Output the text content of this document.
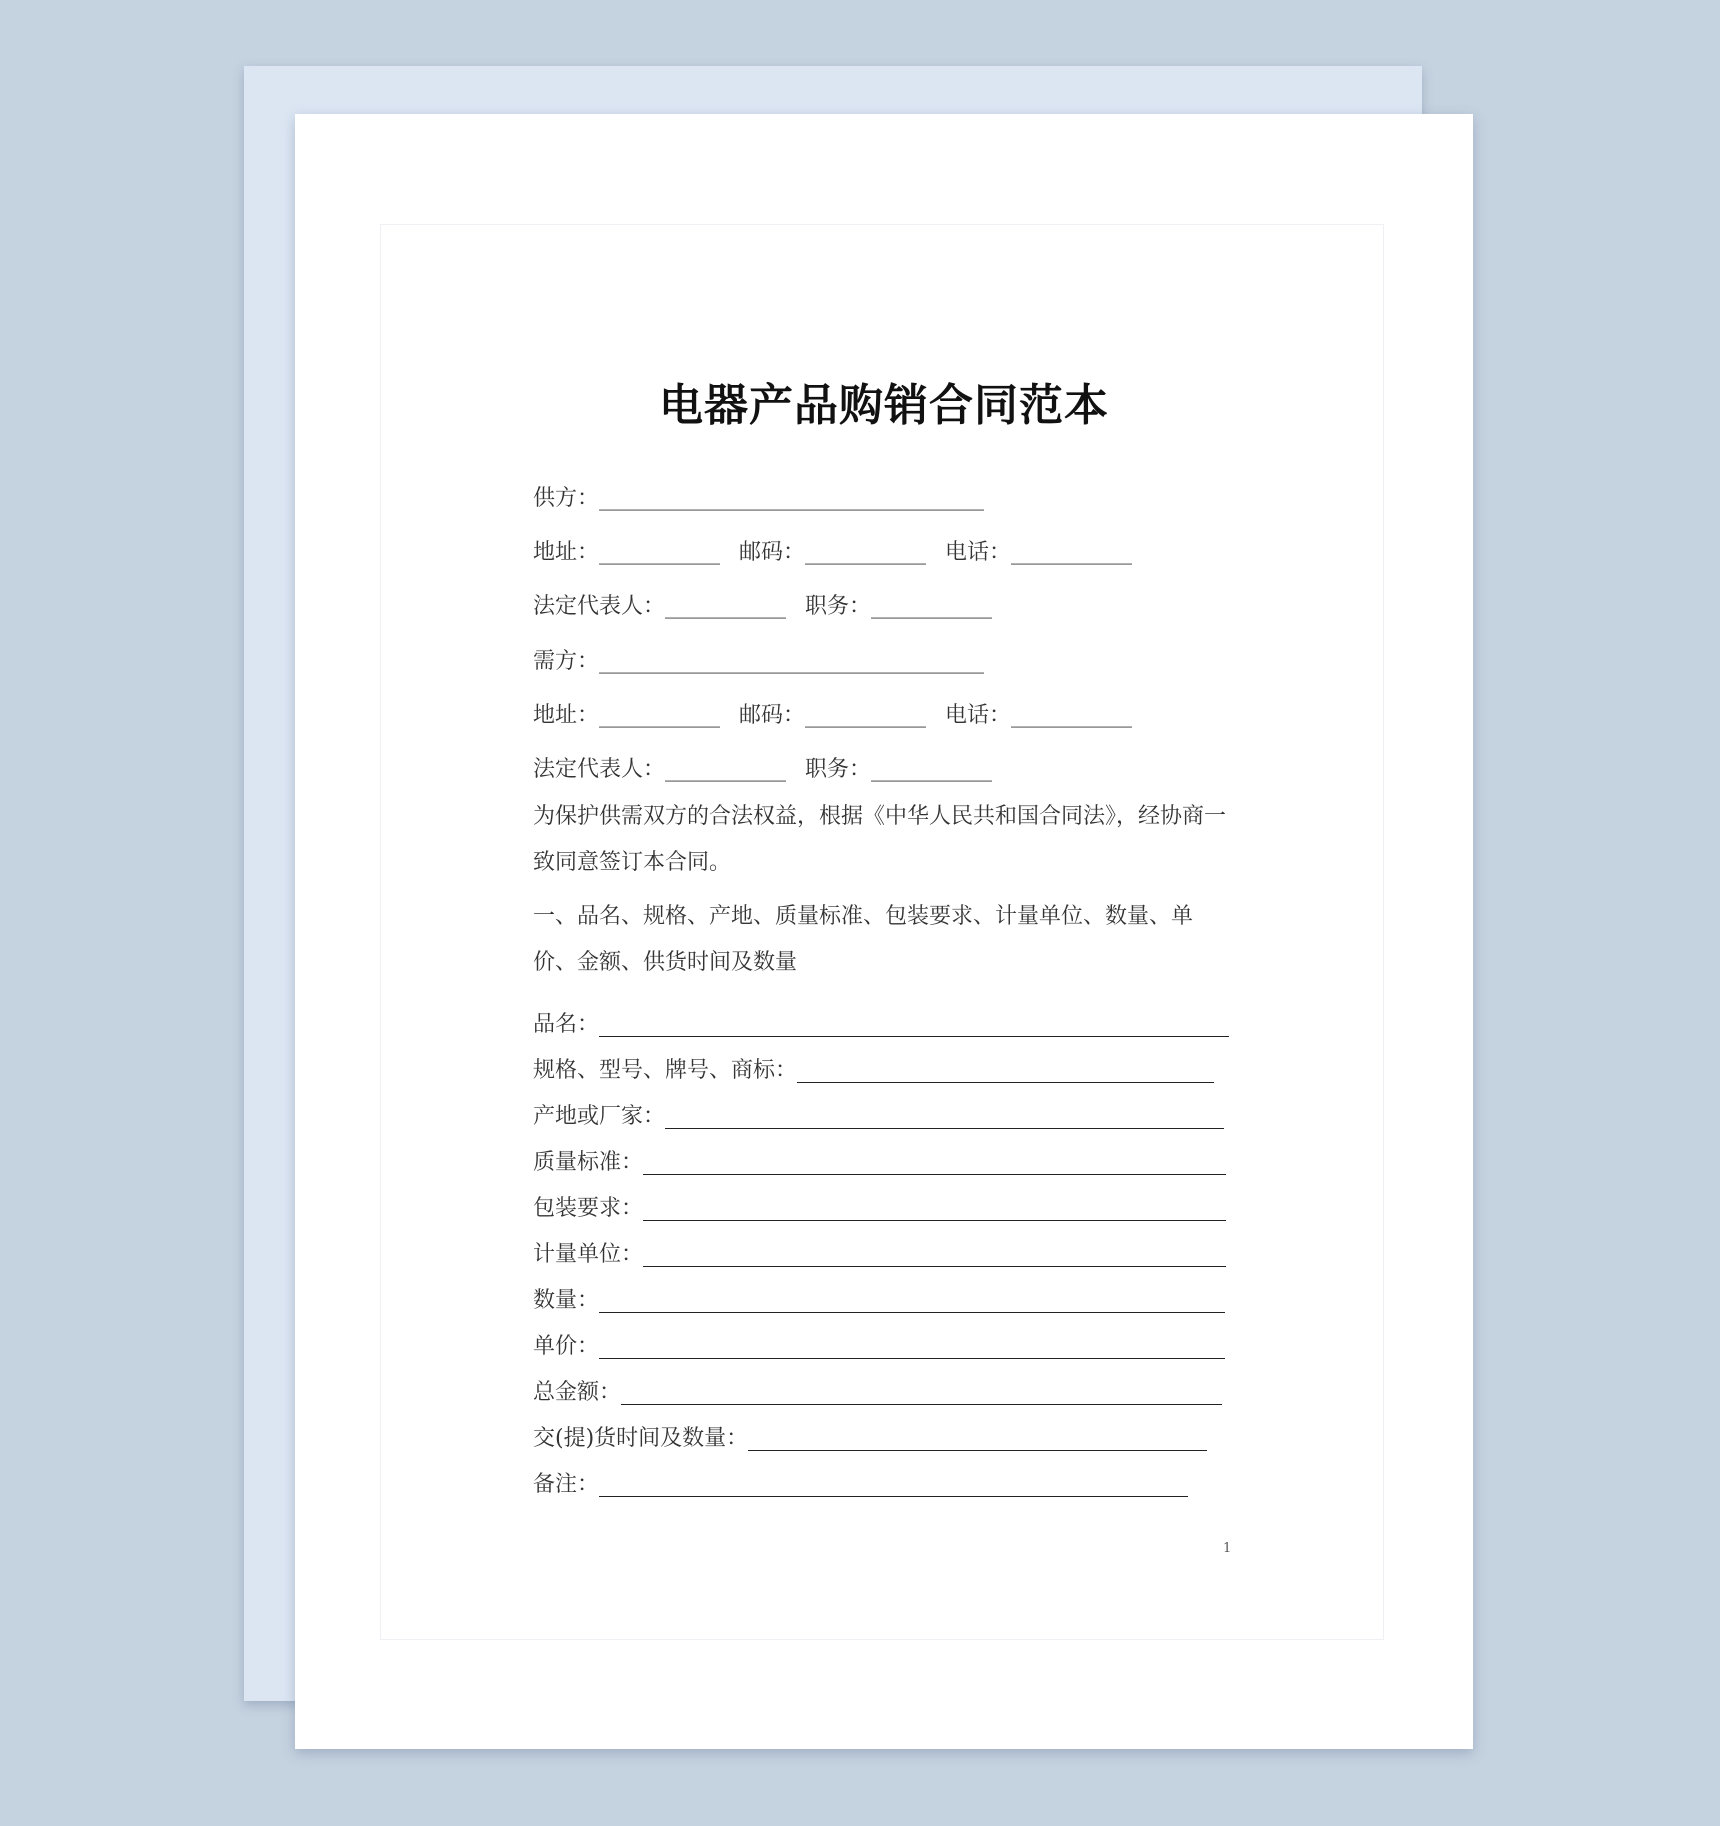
电器产品购销合同范本
供方：___________________________________
地址：___________ 邮码：___________ 电话：___________
法定代表人：___________ 职务：___________
需方：___________________________________
地址：___________ 邮码：___________ 电话：___________
法定代表人：___________ 职务：___________

为保护供需双方的合法权益，根据《中华人民共和国合同法》，经协商一致同意签订本合同。

一、品名、规格、产地、质量标准、包装要求、计量单位、数量、单价、金额、供货时间及数量

品名：
规格、型号、牌号、商标：
产地或厂家：
质量标准：
包装要求：
计量单位：
数量：
单价：
总金额：
交(提)货时间及数量：
备注：
1
